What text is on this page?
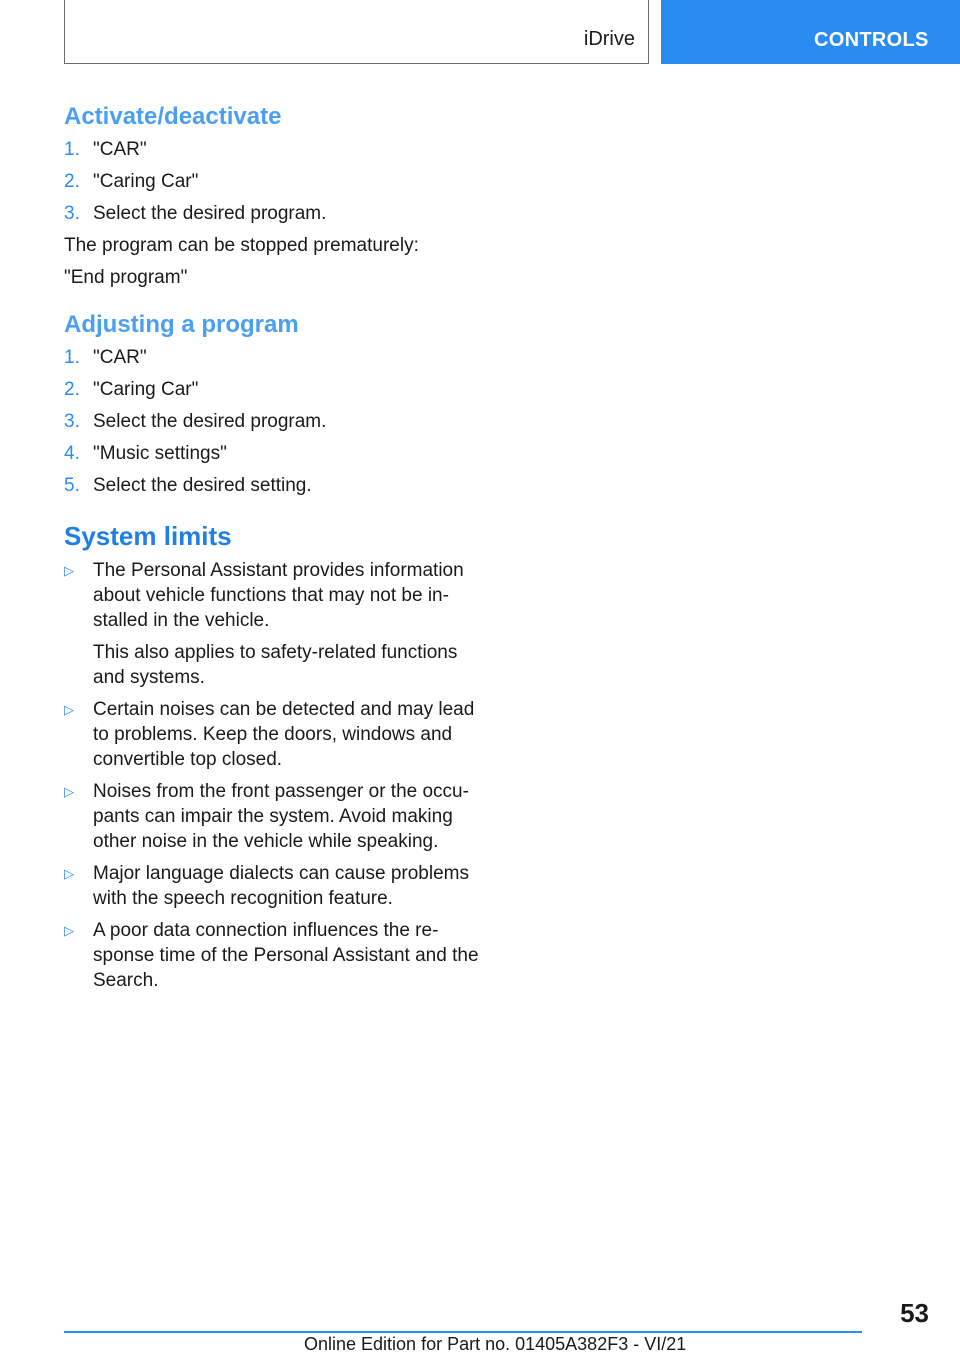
iDrive	CONTROLS
Activate/deactivate
1. "CAR"
2. "Caring Car"
3. Select the desired program.

The program can be stopped prematurely:

"End program"

Adjusting a program
1. "CAR"
2. "Caring Car"
3. Select the desired program.
4. "Music settings"
5. Select the desired setting.
System limits
▷	The Personal Assistant provides information about vehicle functions that may not be in-stalled in the vehicle.

This also applies to safety-related functions and systems.

▷	Certain noises can be detected and may lead to problems. Keep the doors, windows and convertible top closed.

▷	Noises from the front passenger or the occu-pants can impair the system. Avoid making other noise in the vehicle while speaking.

▷	Major language dialects can cause problems with the speech recognition feature.

▷	A poor data connection influences the re-sponse time of the Personal Assistant and the Search.

53
Online Edition for Part no. 01405A382F3 - VI/21
